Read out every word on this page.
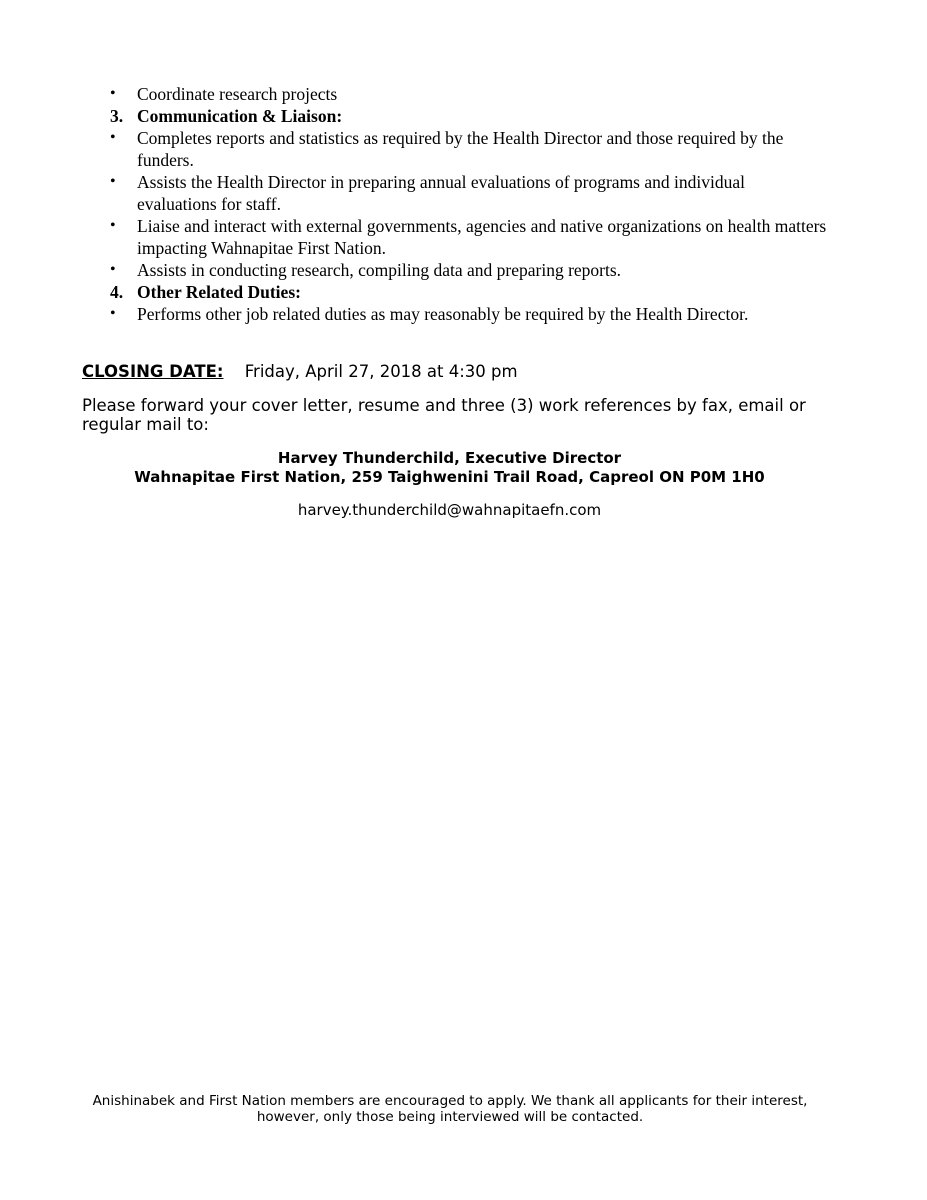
•	Coordinate research projects
3. Communication & Liaison:
•	Completes reports and statistics as required by the Health Director and those required by the funders.
•	Assists the Health Director in preparing annual evaluations of programs and individual evaluations for staff.
•	Liaise and interact with external governments, agencies and native organizations on health matters impacting Wahnapitae First Nation.
•	Assists in conducting research, compiling data and preparing reports.
4. Other Related Duties:
•	Performs other job related duties as may reasonably be required by the Health Director.
CLOSING DATE: Friday, April 27, 2018 at 4:30 pm
Please forward your cover letter, resume and three (3) work references by fax, email or regular mail to:
Harvey Thunderchild, Executive Director
Wahnapitae First Nation, 259 Taighwenini Trail Road, Capreol ON P0M 1H0
harvey.thunderchild@wahnapitaefn.com
Anishinabek and First Nation members are encouraged to apply. We thank all applicants for their interest,
however, only those being interviewed will be contacted.
